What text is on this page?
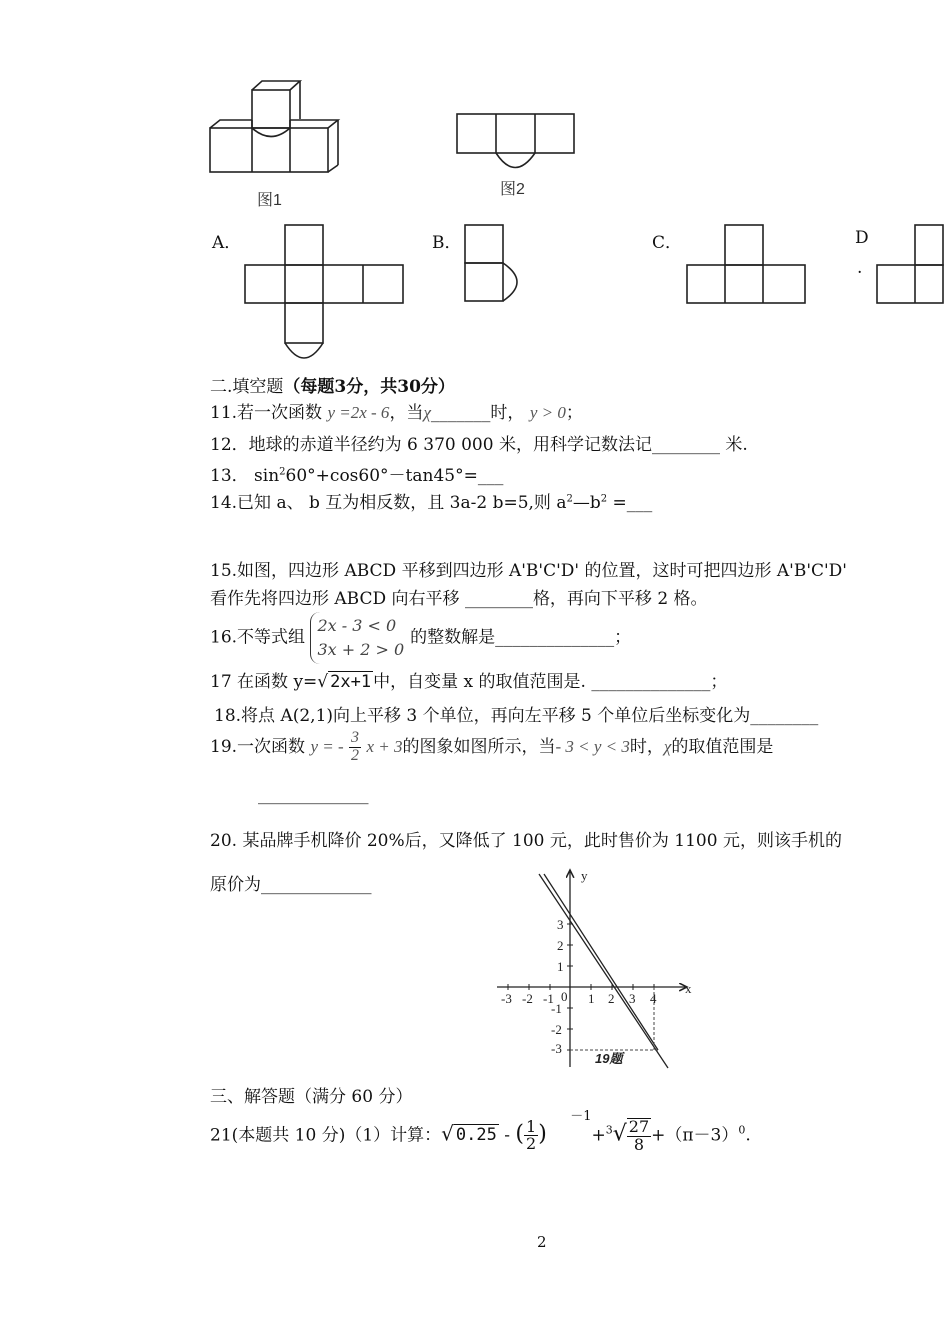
图1
图2
A．	B．	C．	D
.
二.填空题（每题3分，共30分）
11.若一次函数 y =2x - 6，当χ_______时， y > 0；
12．地球的赤道半径约为 6 370 000 米，用科学记数法记________ 米.
13． $\sin^260^\circ+\cos 60^\circ-\tan 45^\circ=\_\_\_$
14.已知 a、 b 互为相反数，且 3a-2 b=5,则 $a^2—b^2$ =___
15.如图，四边形 ABCD 平移到四边形 A'B'C'D' 的位置，这时可把四边形 A'B'C'D'
看作先将四边形 ABCD 向右平移 ________格，再向下平移 2 格。
16.不等式组 2x - 3 < 0
3x + 2 > 0的整数解是______________；
17 在函数 y=√ 2x+1 中，自变量 x 的取值范围是. ______________；
18.将点 A(2,1)向上平移 3 个单位，再向左平移 5 个单位后坐标变化为________
19.一次函数 y = - $\frac{3}{2}$ x + 3的图象如图所示，当- 3 < y < 3时，χ的取值范围是
_____________
20. 某品牌手机降价 20%后，又降低了 100 元，此时售价为 1100 元，则该手机的
原价为_____________
x
y
0
-3 -2 -1	1 2 3 4
3
2
1
-1
-2
-3
19题
三、解答题（满分 60 分）
21(本题共 10 分)（1）计算：√ 0.25 - ( $\frac{1}{2}$ ) $^{-1}+^3√ \frac{27}{8} +(\pi-3)^0$.
2
